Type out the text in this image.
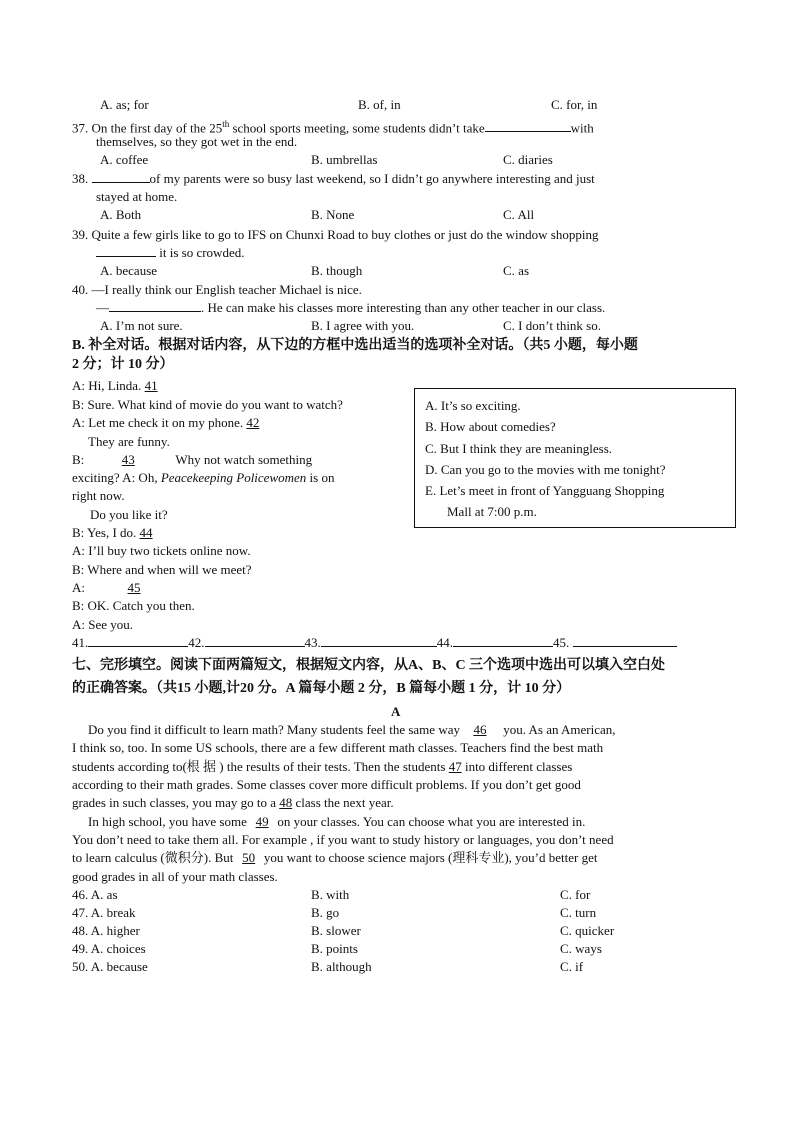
A. as; for	B. of, in	C. for, in
37. On the first day of the 25th school sports meeting, some students didn’t take	with
themselves, so they got wet in the end.
A. coffee	B. umbrellas	C. diaries
38.	of my parents were so busy last weekend, so I didn’t go anywhere interesting and just
stayed at home.
A. Both	B. None	C. All
39. Quite a few girls like to go to IFS on Chunxi Road to buy clothes or just do the window shopping
it is so crowded.
A. because	B. though	C. as
40. —I really think our English teacher Michael is nice.
—	. He can make his classes more interesting than any other teacher in our class.
A. I’m not sure.	B. I agree with you.	C. I don’t think so.
B. 补全对话。根据对话内容，从下边的方框中选出适当的选项补全对话。（共5 小题，每小题
2 分；计 10 分）
A: Hi, Linda. 41
B: Sure. What kind of movie do you want to watch?
A: Let me check it on my phone. 42
They are funny.
B:	43	Why not watch something
exciting? A: Oh, Peacekeeping Policewomen is on
right now.
Do you like it?
B: Yes, I do. 44
A: I’ll buy two tickets online now.
B: Where and when will we meet?
A:	45
B: OK. Catch you then.
A: See you.
A. It’s so exciting.
B. How about comedies?
C. But I think they are meaningless.
D. Can you go to the movies with me tonight?
E. Let’s meet in front of Yangguang Shopping
Mall at 7:00 p.m.
41.	42.	43.	44.	45.
七、完形填空。阅读下面两篇短文，根据短文内容，从A、B、C 三个选项中选出可以填入空白处
的正确答案。（共15 小题,计20 分。A 篇每小题 2 分，B 篇每小题 1 分，计 10 分）
A
Do you find it difficult to learn math? Many students feel the same way 46 you. As an American,
I think so, too. In some US schools, there are a few different math classes. Teachers find the best math
students according to(根 据 ) the results of their tests. Then the students 47 into different classes
according to their math grades. Some classes cover more difficult problems. If you don’t get good
grades in such classes, you may go to a 48 class the next year.
In high school, you have some 49 on your classes. You can choose what you are interested in.
You don’t need to take them all. For example , if you want to study history or languages, you don’t need
to learn calculus (微积分). But 50 you want to choose science majors (理科专业), you’d better get
good grades in all of your math classes.
46. A. as	B. with	C. for
47. A. break	B. go	C. turn
48. A. higher	B. slower	C. quicker
49. A. choices	B. points	C. ways
50. A. because	B. although	C. if
